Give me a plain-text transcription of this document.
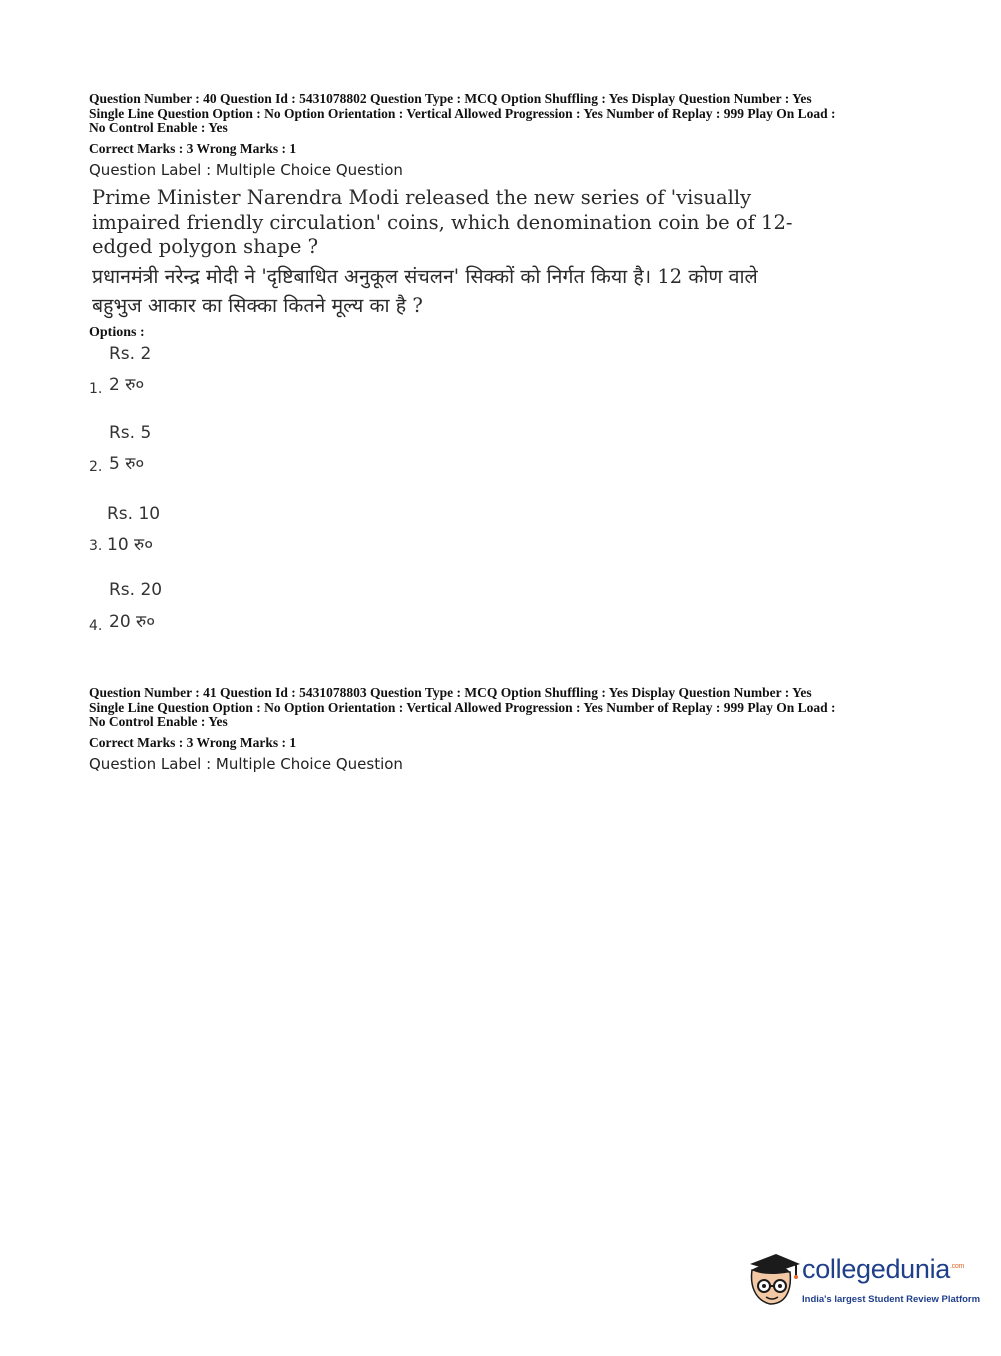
Question Number : 40 Question Id : 5431078802 Question Type : MCQ Option Shuffling : Yes Display Question Number : Yes

Single Line Question Option : No Option Orientation : Vertical Allowed Progression : Yes Number of Replay : 999 Play On Load :

No Control Enable : Yes

Correct Marks : 3 Wrong Marks : 1
Question Label : Multiple Choice Question

Prime Minister Narendra Modi released the new series of 'visually impaired friendly circulation' coins, which denomination coin be of 12-edged polygon shape ?

प्रधानमंत्री नरेन्द्र मोदी ने 'दृष्टिबाधित अनुकूल संचलन' सिक्कों को निर्गत किया है। 12 कोण वाले बहुभुज आकार का सिक्का कितने मूल्य का है ?

Options :
Rs. 2
1. 2 रु०
Rs. 5
2. 5 रु०
Rs. 10
3. 10 रु०
Rs. 20
4. 20 रु०

Question Number : 41 Question Id : 5431078803 Question Type : MCQ Option Shuffling : Yes Display Question Number : Yes

Single Line Question Option : No Option Orientation : Vertical Allowed Progression : Yes Number of Replay : 999 Play On Load :

No Control Enable : Yes

Correct Marks : 3 Wrong Marks : 1
Question Label : Multiple Choice Question
collegedunia$^{.com}$
India's largest Student Review Platform
